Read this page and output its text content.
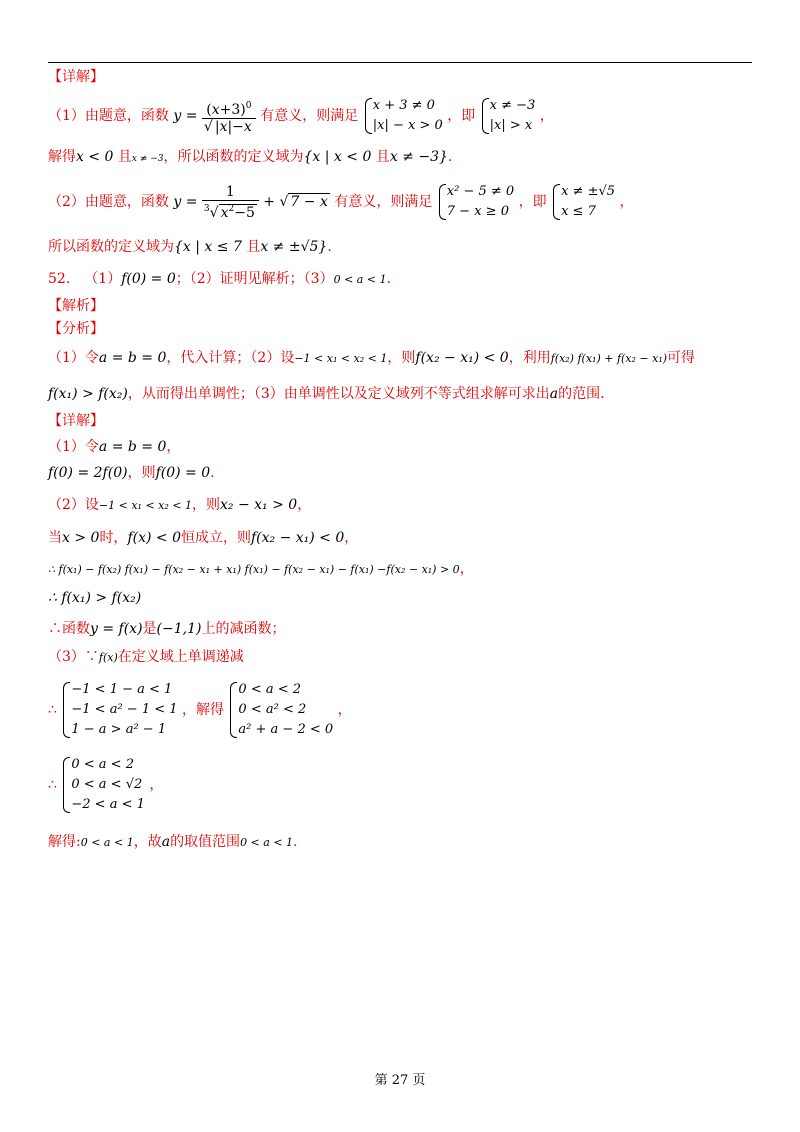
【详解】
（1）由题意，函数 $y = \frac{(x+3)^0}{√ |x|-x}$ 有意义，则满足
x + 3 ≠ 0
|x| − x > 0
，即
x ≠ −3
|x| > x
，
解得x < 0 且x ≠ −3，所以函数的定义域为{x | x < 0 且x ≠ −3}.
（2）由题意，函数 $y = \frac{1}{^3√ x^2-5}$ + √ 7 − x 有意义，则满足
x² − 5 ≠ 0
7 − x ≥ 0
，即
x ≠ ±√5
x ≤ 7
，
所以函数的定义域为{x | x ≤ 7 且x ≠ ±√5}.
52． （1）f(0) = 0；（2）证明见解析；（3）0 < a < 1．
【解析】
【分析】
（1）令a = b = 0，代入计算；（2）设−1 < x₁ < x₂ < 1，则f(x₂ − x₁) < 0，利用f(x₂) f(x₁) + f(x₂ − x₁)可得
f(x₁) > f(x₂)，从而得出单调性；（3）由单调性以及定义域列不等式组求解可求出a的范围.
【详解】
（1）令a = b = 0，
f(0) = 2f(0)，则f(0) = 0.
（2）设−1 < x₁ < x₂ < 1，则x₂ − x₁ > 0，
当x > 0时，f(x) < 0恒成立，则f(x₂ − x₁) < 0，
∴ f(x₁) − f(x₂) f(x₁) − f(x₂ − x₁ + x₁) f(x₁) − f(x₂ − x₁) − f(x₁) −f(x₂ − x₁) > 0，
∴ f(x₁) > f(x₂)
∴函数y = f(x)是(−1,1)上的减函数；
（3）∵f(x)在定义域上单调递减
∴
−1 < 1 − a < 1
−1 < a² − 1 < 1
1 − a > a² − 1
，解得
0 < a < 2
0 < a² < 2
a² + a − 2 < 0
，
∴
0 < a < 2
0 < a < √2
−2 < a < 1
，
解得:0 < a < 1，故a的取值范围0 < a < 1.
第 27 页
